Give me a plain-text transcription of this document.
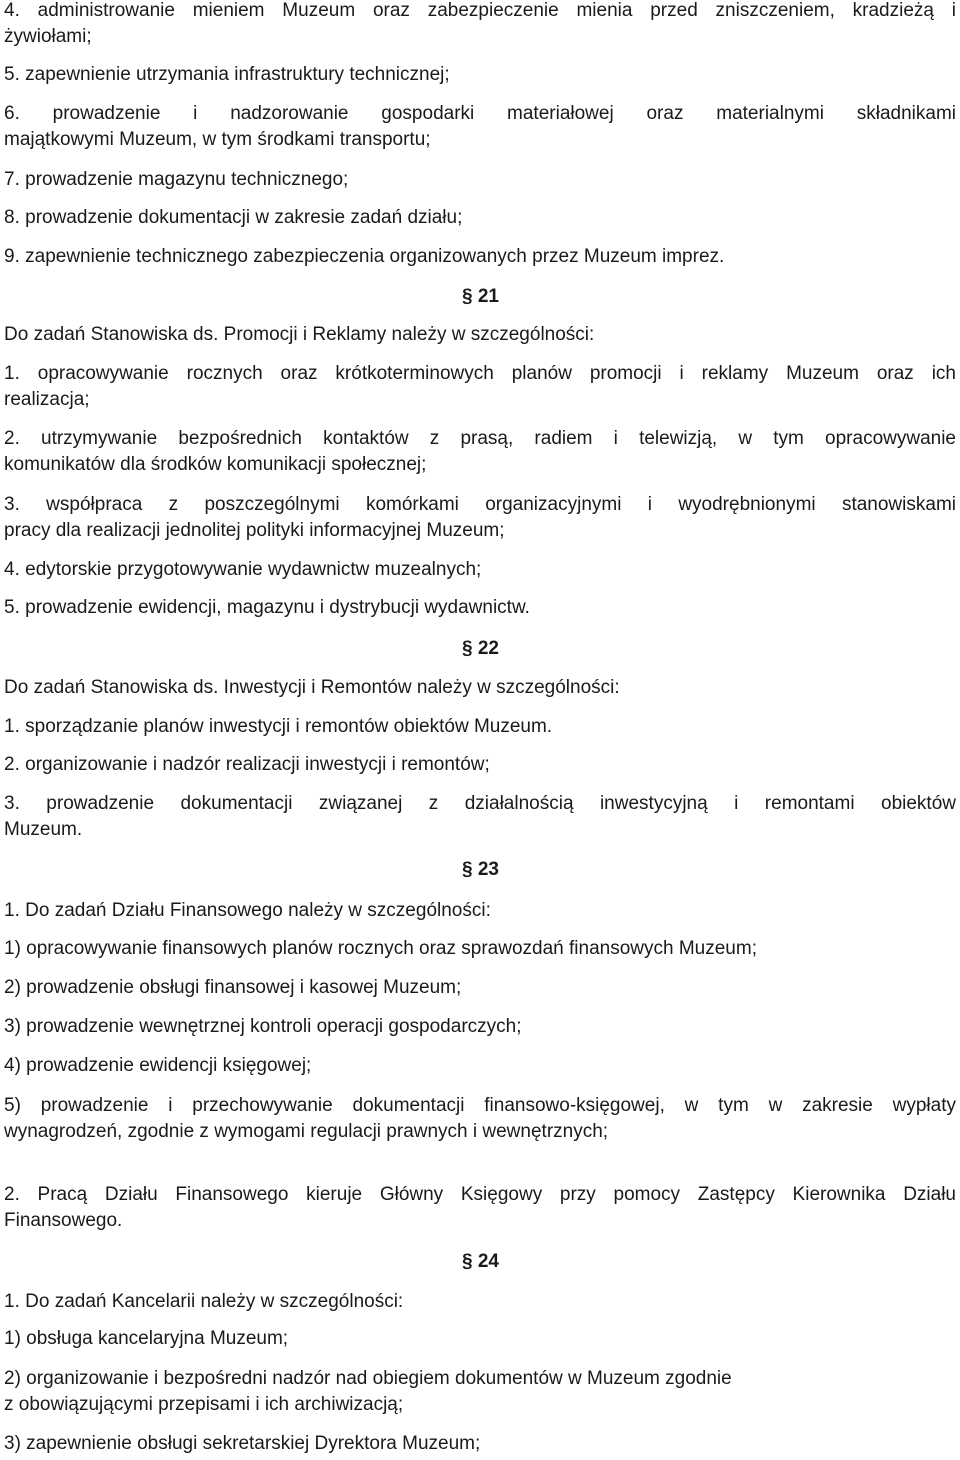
4. administrowanie mieniem Muzeum oraz zabezpieczenie mienia przed zniszczeniem, kradzieżą i
żywiołami;
5. zapewnienie utrzymania infrastruktury technicznej;
6. prowadzenie i nadzorowanie gospodarki materiałowej oraz materialnymi składnikami
majątkowymi Muzeum, w tym środkami transportu;
7. prowadzenie magazynu technicznego;
8. prowadzenie dokumentacji w zakresie zadań działu;
9. zapewnienie technicznego zabezpieczenia organizowanych przez Muzeum imprez.
§ 21
Do zadań Stanowiska ds. Promocji i Reklamy należy w szczególności:
1. opracowywanie rocznych oraz krótkoterminowych planów promocji i reklamy Muzeum oraz ich
realizacja;
2. utrzymywanie bezpośrednich kontaktów z prasą, radiem i telewizją, w tym opracowywanie
komunikatów dla środków komunikacji społecznej;
3. współpraca z poszczególnymi komórkami organizacyjnymi i wyodrębnionymi stanowiskami
pracy dla realizacji jednolitej polityki informacyjnej Muzeum;
4. edytorskie przygotowywanie wydawnictw muzealnych;
5. prowadzenie ewidencji, magazynu i dystrybucji wydawnictw.
§ 22
Do zadań Stanowiska ds. Inwestycji i Remontów należy w szczególności:
1. sporządzanie planów inwestycji i remontów obiektów Muzeum.
2. organizowanie i nadzór realizacji inwestycji i remontów;
3. prowadzenie dokumentacji związanej z działalnością inwestycyjną i remontami obiektów
Muzeum.
§ 23
1. Do zadań Działu Finansowego należy w szczególności:
1) opracowywanie finansowych planów rocznych oraz sprawozdań finansowych Muzeum;
2) prowadzenie obsługi finansowej i kasowej Muzeum;
3) prowadzenie wewnętrznej kontroli operacji gospodarczych;
4) prowadzenie ewidencji księgowej;
5) prowadzenie i przechowywanie dokumentacji finansowo-księgowej, w tym w zakresie wypłaty
wynagrodzeń, zgodnie z wymogami regulacji prawnych i wewnętrznych;
2. Pracą Działu Finansowego kieruje Główny Księgowy przy pomocy Zastępcy Kierownika Działu
Finansowego.
§ 24
1. Do zadań Kancelarii należy w szczególności:
1) obsługa kancelaryjna Muzeum;
2) organizowanie i bezpośredni nadzór nad obiegiem dokumentów w Muzeum zgodnie
z obowiązującymi przepisami i ich archiwizacją;
3) zapewnienie obsługi sekretarskiej Dyrektora Muzeum;
